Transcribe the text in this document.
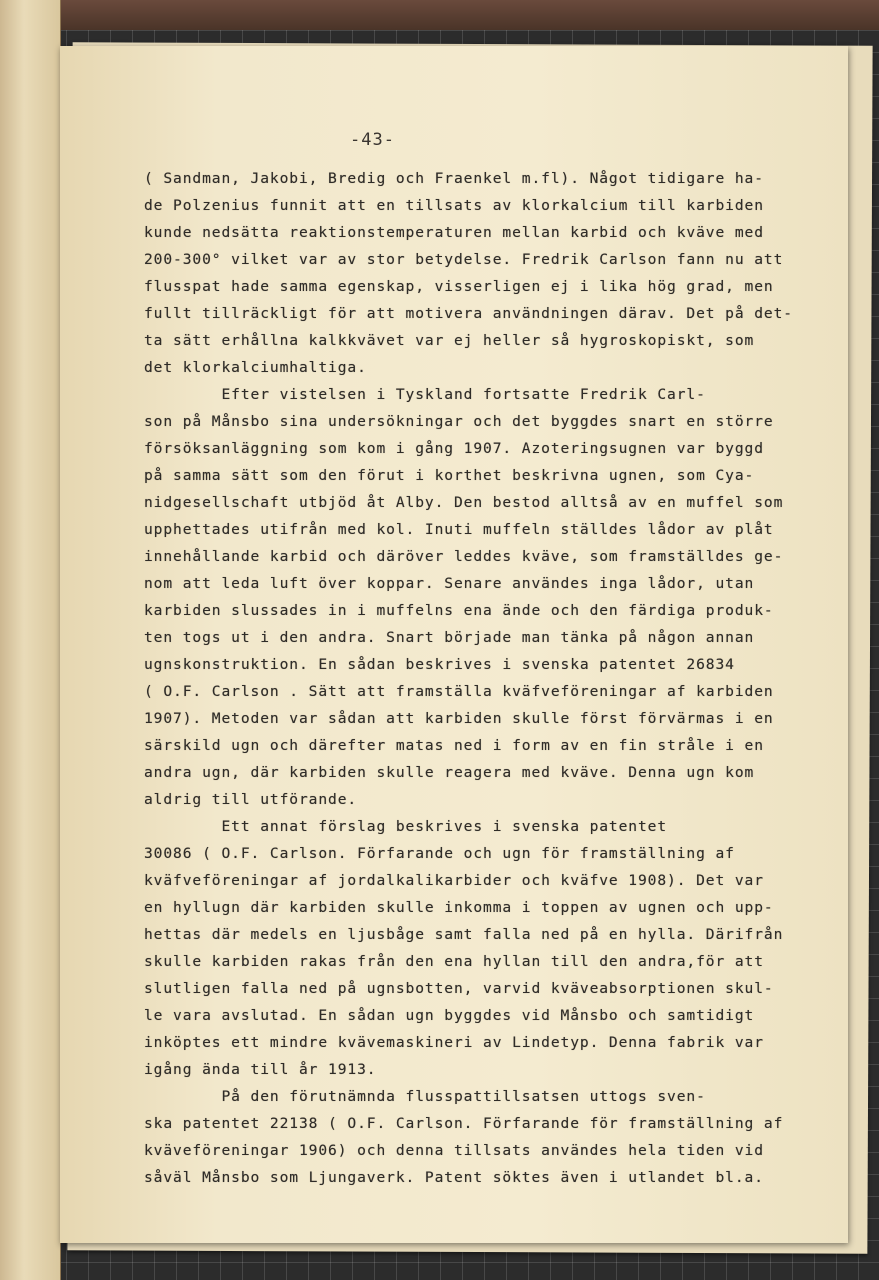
-43-
( Sandman, Jakobi, Bredig och Fraenkel m.fl). Något tidigare ha-
de Polzenius funnit att en tillsats av klorkalcium till karbiden
kunde nedsätta reaktionstemperaturen mellan karbid och kväve med
200-300° vilket var av stor betydelse. Fredrik Carlson fann nu att
flusspat hade samma egenskap, visserligen ej i lika hög grad, men
fullt tillräckligt för att motivera användningen därav. Det på det-
ta sätt erhållna kalkkvävet var ej heller så hygroskopiskt, som
det klorkalciumhaltiga.
Efter vistelsen i Tyskland fortsatte Fredrik Carl-
son på Månsbo sina undersökningar och det byggdes snart en större
försöksanläggning som kom i gång 1907. Azoteringsugnen var byggd
på samma sätt som den förut i korthet beskrivna ugnen, som Cya-
nidgesellschaft utbjöd åt Alby. Den bestod alltså av en muffel som
upphettades utifrån med kol. Inuti muffeln ställdes lådor av plåt
innehållande karbid och däröver leddes kväve, som framställdes ge-
nom att leda luft över koppar. Senare användes inga lådor, utan
karbiden slussades in i muffelns ena ände och den färdiga produk-
ten togs ut i den andra. Snart började man tänka på någon annan
ugnskonstruktion. En sådan beskrives i svenska patentet 26834
( O.F. Carlson . Sätt att framställa kväfveföreningar af karbiden
1907). Metoden var sådan att karbiden skulle först förvärmas i en
särskild ugn och därefter matas ned i form av en fin stråle i en
andra ugn, där karbiden skulle reagera med kväve. Denna ugn kom
aldrig till utförande.
Ett annat förslag beskrives i svenska patentet
30086 ( O.F. Carlson. Förfarande och ugn för framställning af
kväfveföreningar af jordalkalikarbider och kväfve 1908). Det var
en hyllugn där karbiden skulle inkomma i toppen av ugnen och upp-
hettas där medels en ljusbåge samt falla ned på en hylla. Därifrån
skulle karbiden rakas från den ena hyllan till den andra,för att
slutligen falla ned på ugnsbotten, varvid kväveabsorptionen skul-
le vara avslutad. En sådan ugn byggdes vid Månsbo och samtidigt
inköptes ett mindre kvävemaskineri av Lindetyp. Denna fabrik var
igång ända till år 1913.
På den förutnämnda flusspattillsatsen uttogs sven-
ska patentet 22138 ( O.F. Carlson. Förfarande för framställning af
kväveföreningar 1906) och denna tillsats användes hela tiden vid
såväl Månsbo som Ljungaverk. Patent söktes även i utlandet bl.a.
